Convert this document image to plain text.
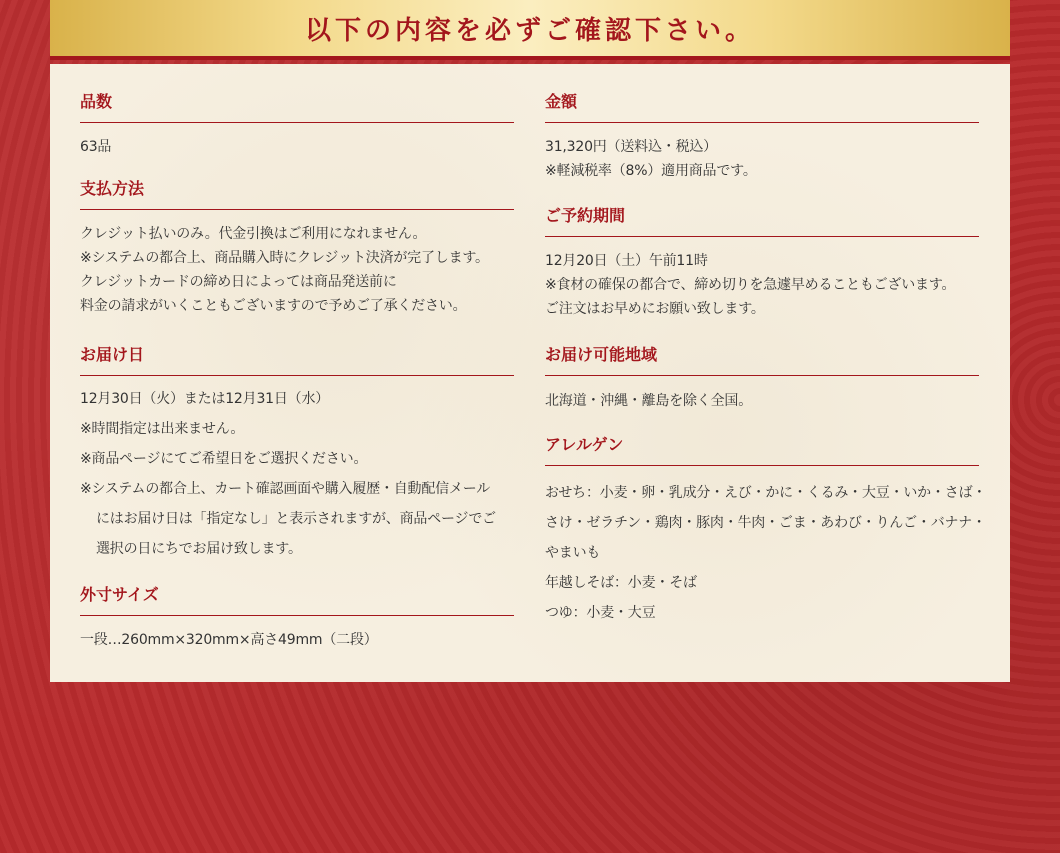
以下の内容を必ずご確認下さい。
品数

63品

支払方法

クレジット払いのみ。代金引換はご利用になれません。

※システムの都合上、商品購入時にクレジット決済が完了します。

クレジットカードの締め日によっては商品発送前に

料金の請求がいくこともございますので予めご了承ください。

お届け日
12月30日（火）または12月31日（水）
※時間指定は出来ません。
※商品ページにてご希望日をご選択ください。
※システムの都合上、カート確認画面や購入履歴・自動配信メール
にはお届け日は「指定なし」と表示されますが、商品ページでご
選択の日にちでお届け致します。
外寸サイズ

一段…260mm×320mm×高さ49mm（二段）

金額

31,320円（送料込・税込）

※軽減税率（8%）適用商品です。

ご予約期間

12月20日（土）午前11時

※食材の確保の都合で、締め切りを急遽早めることもございます。

ご注文はお早めにお願い致します。

お届け可能地域

北海道・沖縄・離島を除く全国。

アレルゲン

おせち：小麦・卵・乳成分・えび・かに・くるみ・大豆・いか・さば・

さけ・ゼラチン・鶏肉・豚肉・牛肉・ごま・あわび・りんご・バナナ・

やまいも

年越しそば：小麦・そば

つゆ：小麦・大豆
